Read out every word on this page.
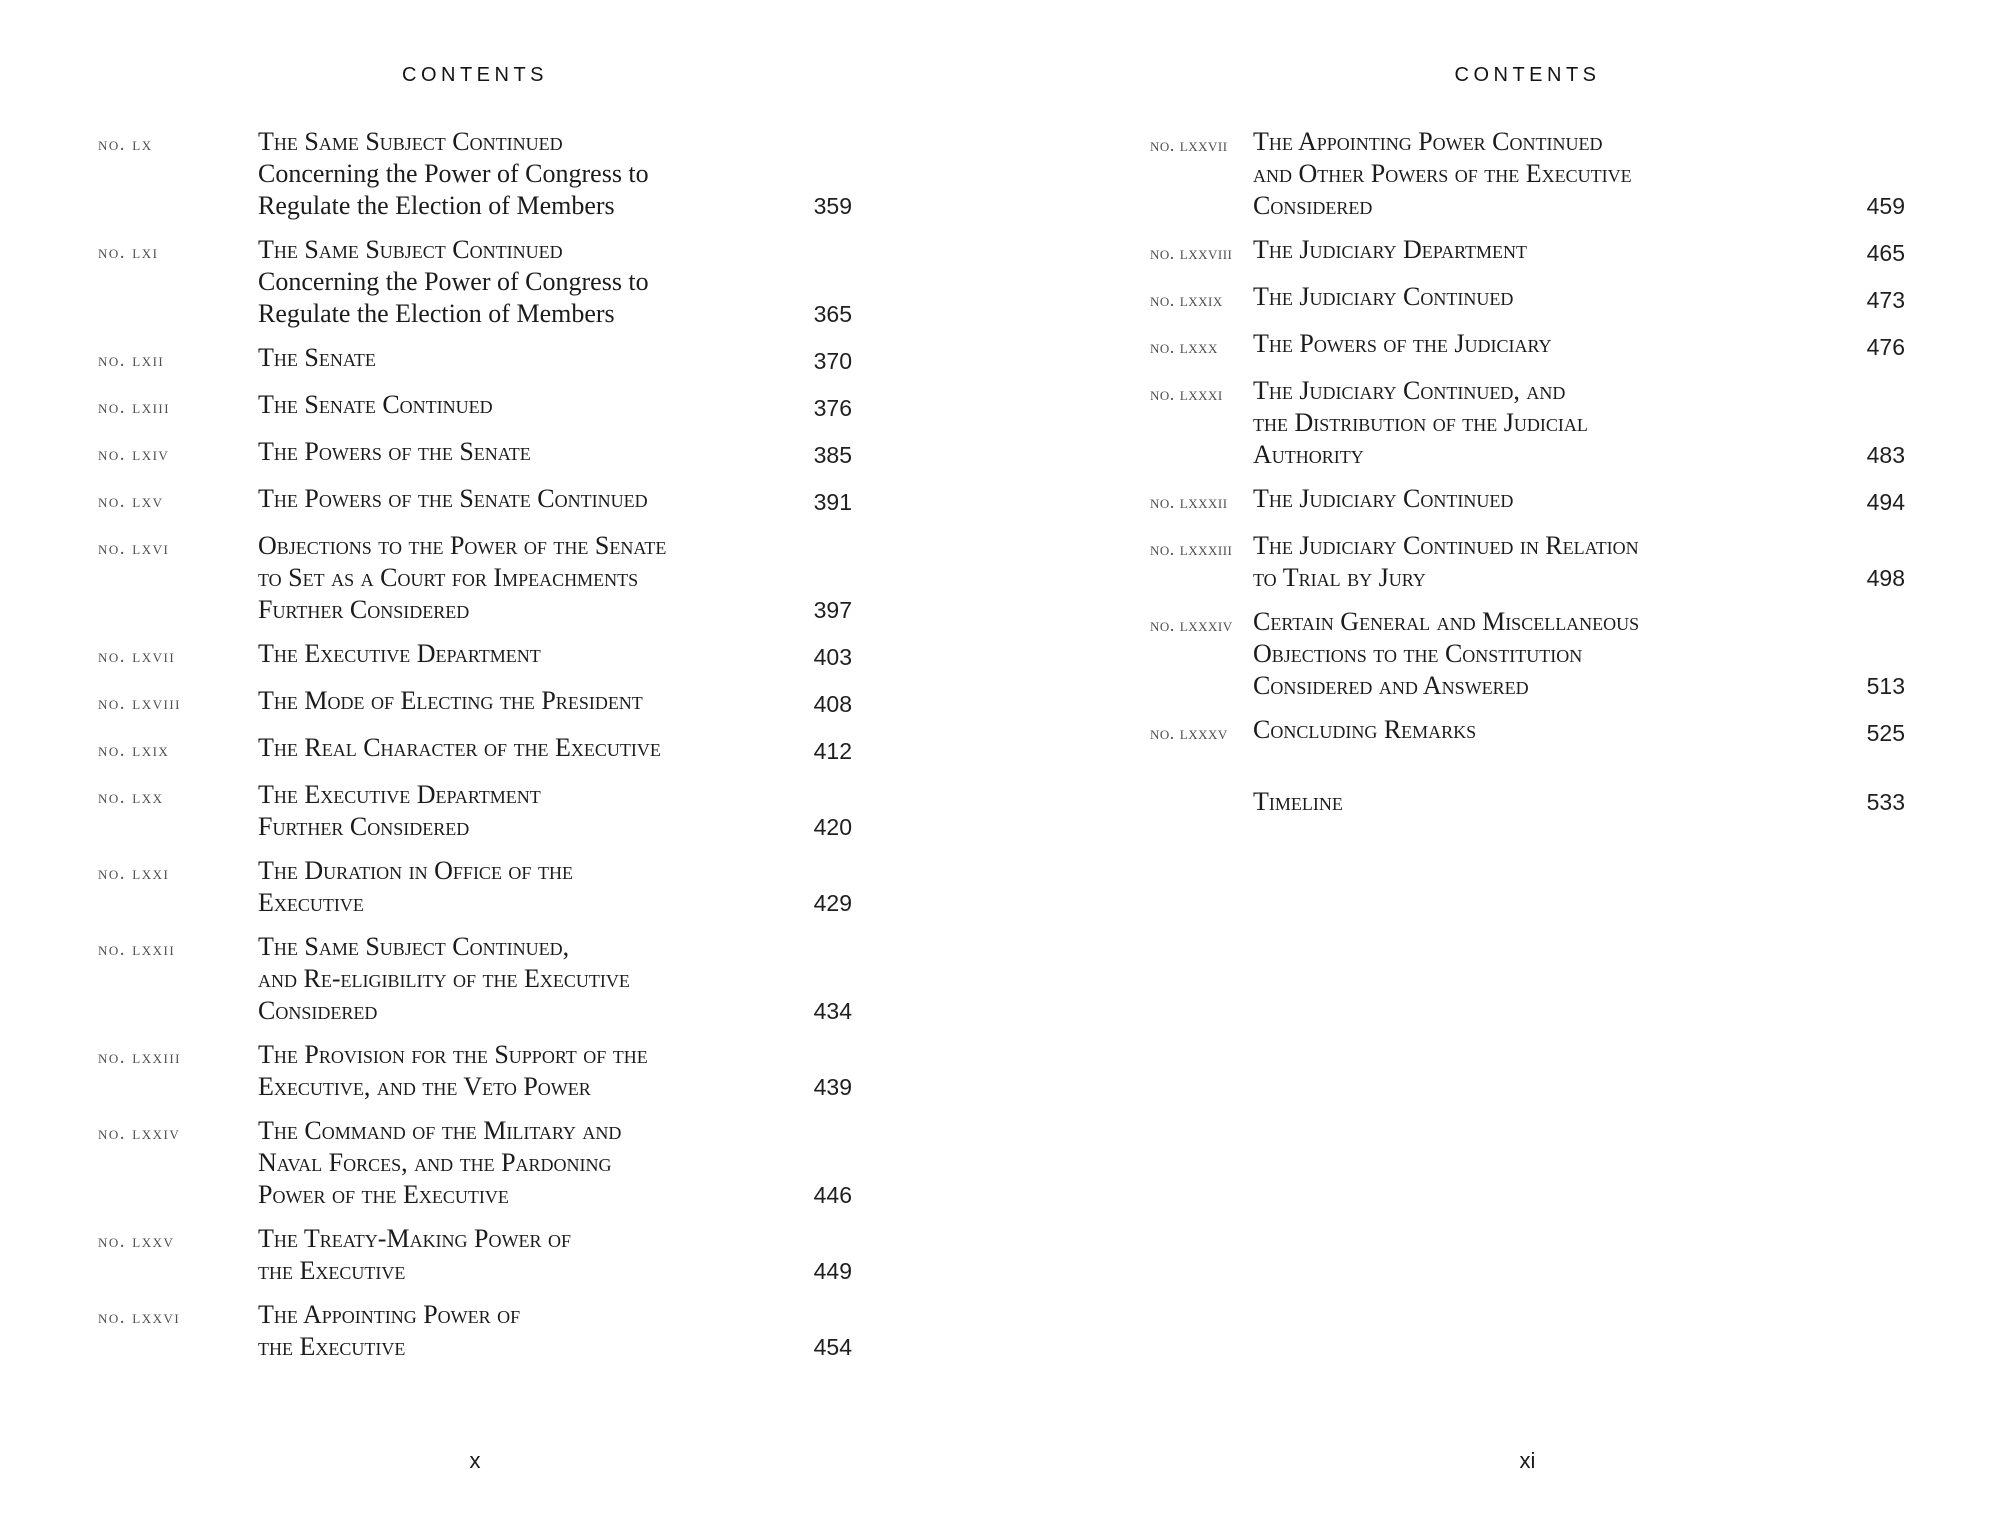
CONTENTS
no. lx	The Same Subject Continued
Concerning the Power of Congress to
Regulate the Election of Members	359
no. lxi	The Same Subject Continued
Concerning the Power of Congress to
Regulate the Election of Members	365
no. lxii	The Senate	370
no. lxiii	The Senate Continued	376
no. lxiv	The Powers of the Senate	385
no. lxv	The Powers of the Senate Continued	391
no. lxvi	Objections to the Power of the Senate
to Set as a Court for Impeachments
Further Considered	397
no. lxvii	The Executive Department	403
no. lxviii	The Mode of Electing the President	408
no. lxix	The Real Character of the Executive	412
no. lxx	The Executive Department
Further Considered	420
no. lxxi	The Duration in Office of the
Executive	429
no. lxxii	The Same Subject Continued,
and Re-eligibility of the Executive
Considered	434
no. lxxiii	The Provision for the Support of the
Executive, and the Veto Power	439
no. lxxiv	The Command of the Military and
Naval Forces, and the Pardoning
Power of the Executive	446
no. lxxv	The Treaty-Making Power of
the Executive	449
no. lxxvi	The Appointing Power of
the Executive	454
x
CONTENTS
no. lxxvii The Appointing Power Continued
and Other Powers of the Executive
Considered	459
no. lxxviii The Judiciary Department	465
no. lxxix	The Judiciary Continued	473
no. lxxx	The Powers of the Judiciary	476
no. lxxxi	The Judiciary Continued, and
the Distribution of the Judicial
Authority	483
no. lxxxii The Judiciary Continued	494
no. lxxxiii The Judiciary Continued in Relation
to Trial by Jury	498
no. lxxxiv Certain General and Miscellaneous
Objections to the Constitution
Considered and Answered	513
no. lxxxv Concluding Remarks	525
Timeline	533
xi
